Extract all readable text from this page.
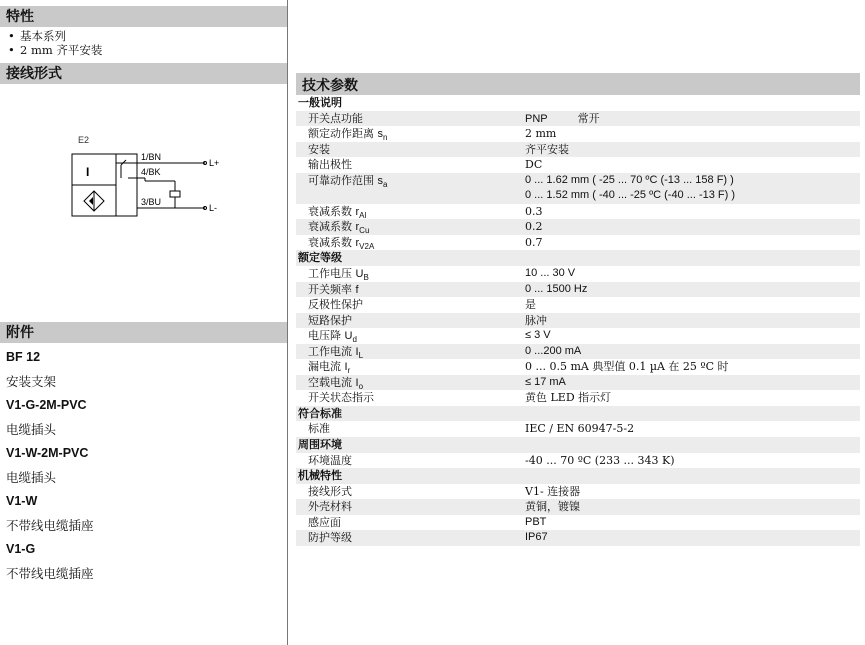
特性
• 基本系列
• 2 mm 齐平安装
接线形式
E2
I
1/BN
4/BK
3/BU
L+
L-
附件
BF 12
安装支架
V1-G-2M-PVC
电缆插头
V1-W-2M-PVC
电缆插头
V1-W
不带线电缆插座
V1-G
不带线电缆插座
技术参数
一般说明
开关点功能	PNP	常开
额定动作距离 $s_n$	2 mm
安装	齐平安装
输出极性	DC
可靠动作范围 $s_a$	0 ... 1.62 mm ( -25 ... 70 ºC (-13 ... 158 F) )
0 ... 1.52 mm ( -40 ... -25 ºC (-40 ... -13 F) )
衰减系数 $r_{Al}$	0.3
衰减系数 $r_{Cu}$	0.2
衰减系数 $r_{V2A}$	0.7
额定等级
工作电压 $U_B$	10 ... 30 V
开关频率 f	0 ... 1500 Hz
反极性保护	是
短路保护	脉冲
电压降 $U_d$	≤ 3 V
工作电流 $I_L$	0 ...200 mA
漏电流 $I_r$	0 ... 0.5 mA 典型值 0.1 µA 在 25 ºC 时
空载电流 $I_o$	≤ 17 mA
开关状态指示	黄色 LED 指示灯
符合标准
标准	IEC / EN 60947-5-2
周围环境
环境温度	-40 ... 70 ºC (233 ... 343 K)
机械特性
接线形式	V1- 连接器
外壳材料	黄铜，镀镍
感应面	PBT
防护等级	IP67
